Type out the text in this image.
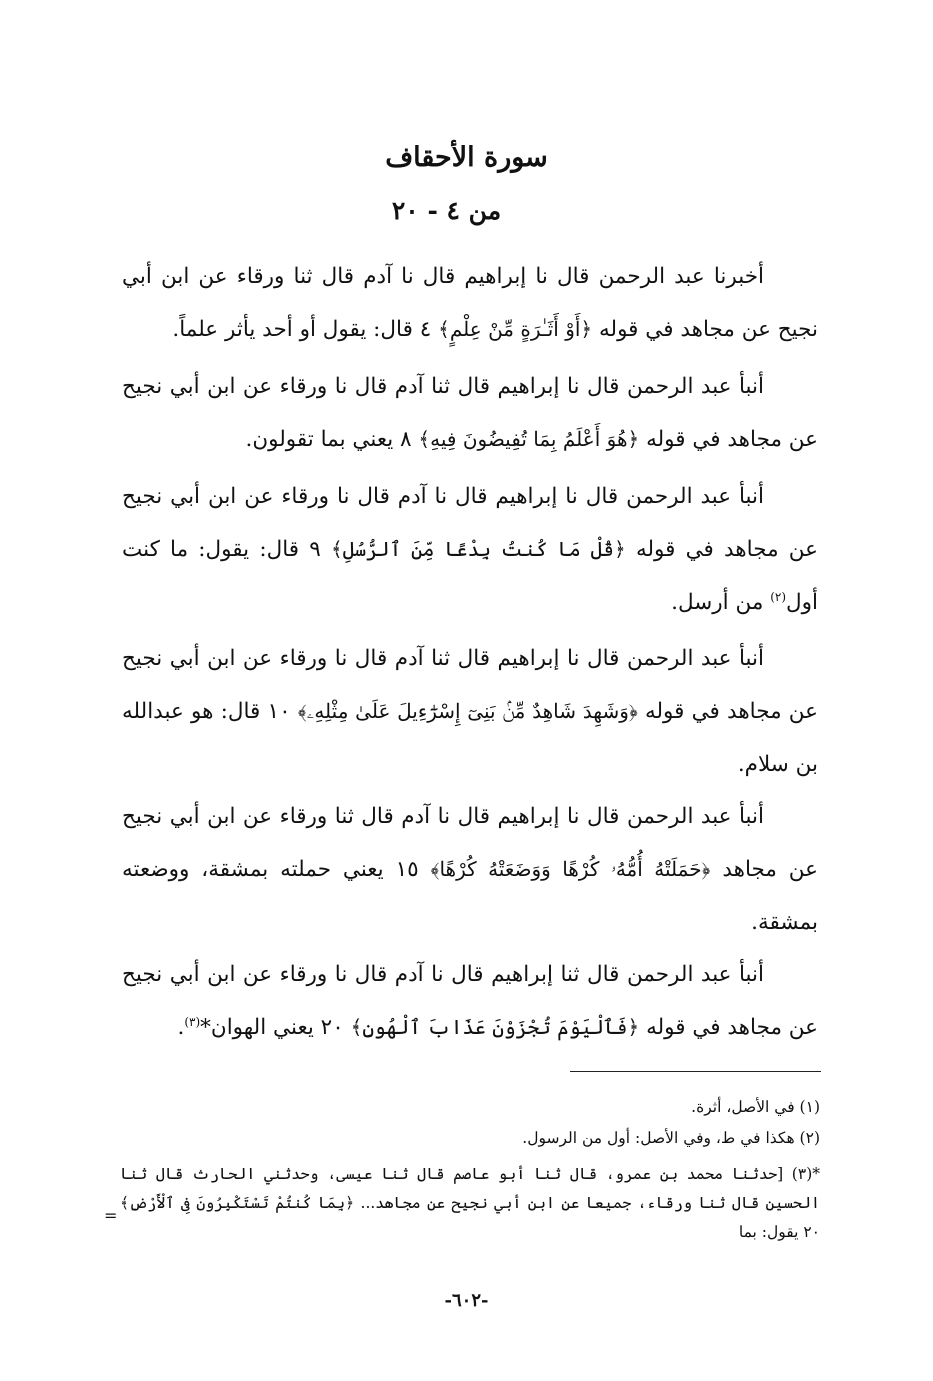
سورة الأحقاف
من ٤ - ٢٠

أخبرنا عبد الرحمن قال نا إبراهيم قال نا آدم قال ثنا ورقاء عن ابن أبي نجيح عن مجاهد في قوله ﴿أَوْ أَثَـٰرَةٍ مِّنْ عِلْمٍ﴾ ٤ قال: يقول أو أحد يأثر علماً.

أنبأ عبد الرحمن قال نا إبراهيم قال ثنا آدم قال نا ورقاء عن ابن أبي نجيح عن مجاهد في قوله ﴿هُوَ أَعْلَمُ بِمَا تُفِيضُونَ فِيهِ﴾ ٨ يعني بما تقولون.

أنبأ عبد الرحمن قال نا إبراهيم قال نا آدم قال نا ورقاء عن ابن أبي نجيح عن مجاهد في قوله ﴿قُلْ مَا كُنتُ بِدْعًا مِّنَ ٱلرُّسُلِ﴾ ٩ قال: يقول: ما كنت أول$^{(٢)}$ من أرسل.

أنبأ عبد الرحمن قال نا إبراهيم قال ثنا آدم قال نا ورقاء عن ابن أبي نجيح عن مجاهد في قوله ﴿وَشَهِدَ شَاهِدٌ مِّنۢ بَنِىٓ إِسْرَٰٓءِيلَ عَلَىٰ مِثْلِهِۦ﴾ ١٠ قال: هو عبدالله بن سلام.

أنبأ عبد الرحمن قال نا إبراهيم قال نا آدم قال ثنا ورقاء عن ابن أبي نجيح عن مجاهد ﴿حَمَلَتْهُ أُمُّهُۥ كُرْهًا وَوَضَعَتْهُ كُرْهًا﴾ ١٥ يعني حملته بمشقة، ووضعته بمشقة.

أنبأ عبد الرحمن قال ثنا إبراهيم قال نا آدم قال نا ورقاء عن ابن أبي نجيح عن مجاهد في قوله ﴿فَٱلْيَوْمَ تُجْزَوْنَ عَذَابَ ٱلْهُونِ﴾ ٢٠ يعني الهوان*$^{(٣)}$.

(١) في الأصل، أثرة.

(٢) هكذا في ط، وفي الأصل: أول من الرسول.

*(٣) [حدثنا محمد بن عمرو، قال ثنا أبو عاصم قال ثنا عيسى، وحدثني الحارث قال ثنا الحسين قال ثنا ورقاء، جميعا عن ابن أبي نجيح عن مجاهد... ﴿بِمَا كُنتُمْ تَسْتَكْبِرُونَ فِى ٱلْأَرْضِ﴾ ٢٠ يقول: بما

=
-٦٠٢-
